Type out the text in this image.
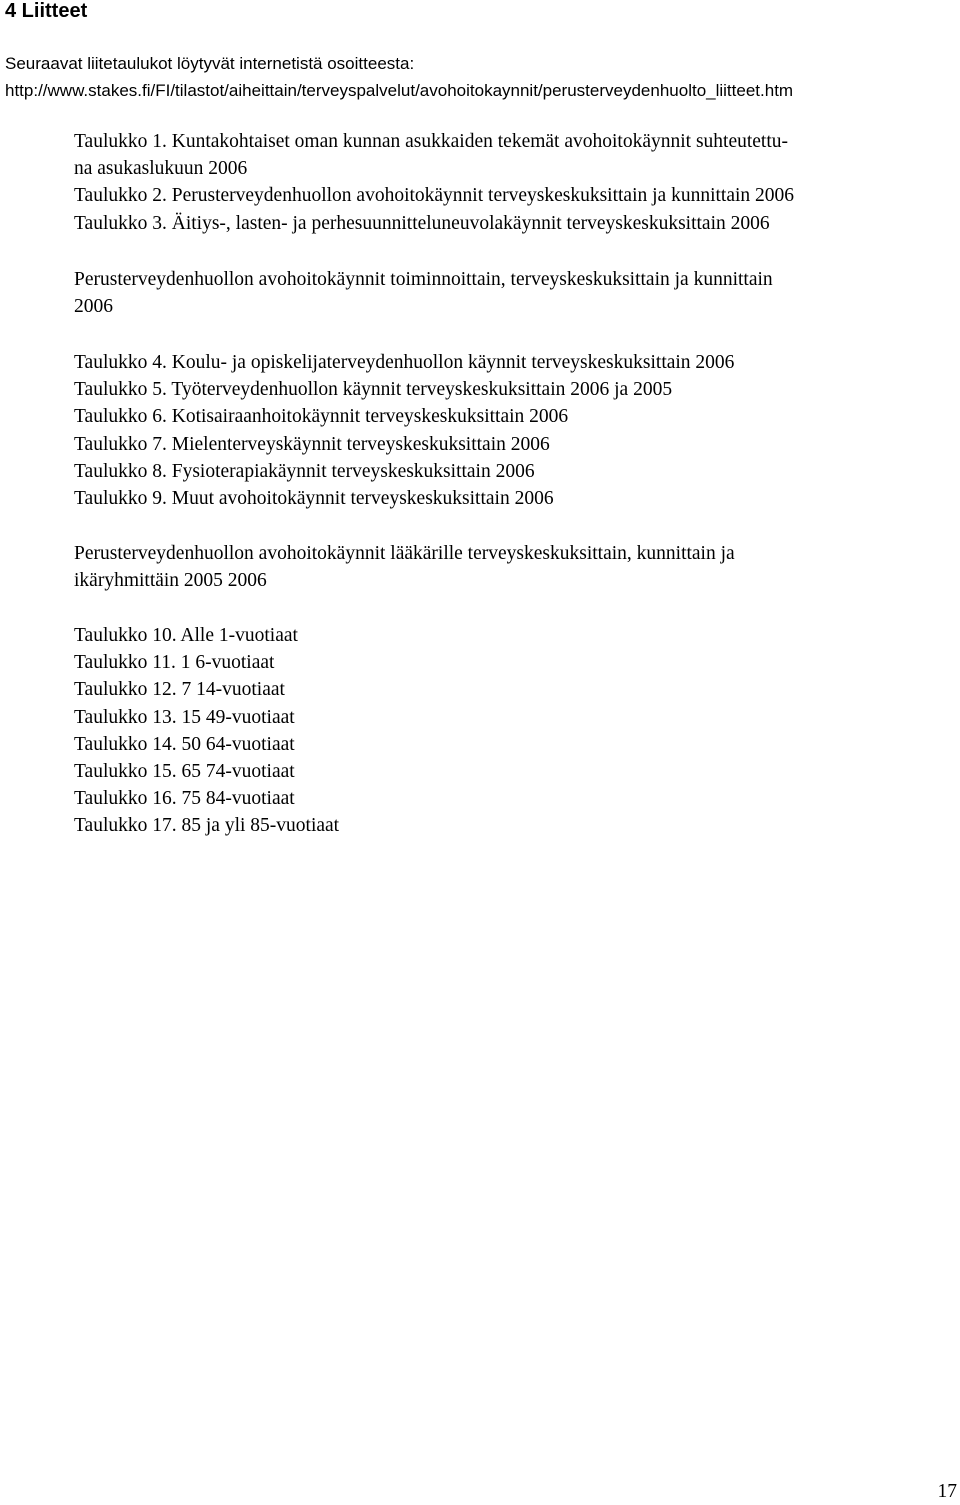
4 Liitteet
Seuraavat liitetaulukot löytyvät internetistä osoitteesta:
http://www.stakes.fi/FI/tilastot/aiheittain/terveyspalvelut/avohoitokaynnit/perusterveydenhuolto_liitteet.htm
Taulukko 1. Kuntakohtaiset oman kunnan asukkaiden tekemät avohoitokäynnit suhteutettu-
na asukaslukuun 2006
Taulukko 2. Perusterveydenhuollon avohoitokäynnit terveyskeskuksittain ja kunnittain 2006
Taulukko 3. Äitiys-, lasten- ja perhesuunnitteluneuvolakäynnit terveyskeskuksittain 2006
Perusterveydenhuollon avohoitokäynnit toiminnoittain, terveyskeskuksittain ja kunnittain
2006
Taulukko 4. Koulu- ja opiskelijaterveydenhuollon käynnit terveyskeskuksittain 2006
Taulukko 5. Työterveydenhuollon käynnit terveyskeskuksittain 2006 ja 2005
Taulukko 6. Kotisairaanhoitokäynnit terveyskeskuksittain 2006
Taulukko 7. Mielenterveyskäynnit terveyskeskuksittain 2006
Taulukko 8. Fysioterapiakäynnit terveyskeskuksittain 2006
Taulukko 9. Muut avohoitokäynnit terveyskeskuksittain 2006
Perusterveydenhuollon avohoitokäynnit lääkärille terveyskeskuksittain, kunnittain ja
ikäryhmittäin 2005 2006
Taulukko 10. Alle 1-vuotiaat
Taulukko 11. 1 6-vuotiaat
Taulukko 12. 7 14-vuotiaat
Taulukko 13. 15 49-vuotiaat
Taulukko 14. 50 64-vuotiaat
Taulukko 15. 65 74-vuotiaat
Taulukko 16. 75 84-vuotiaat
Taulukko 17. 85 ja yli 85-vuotiaat
17
